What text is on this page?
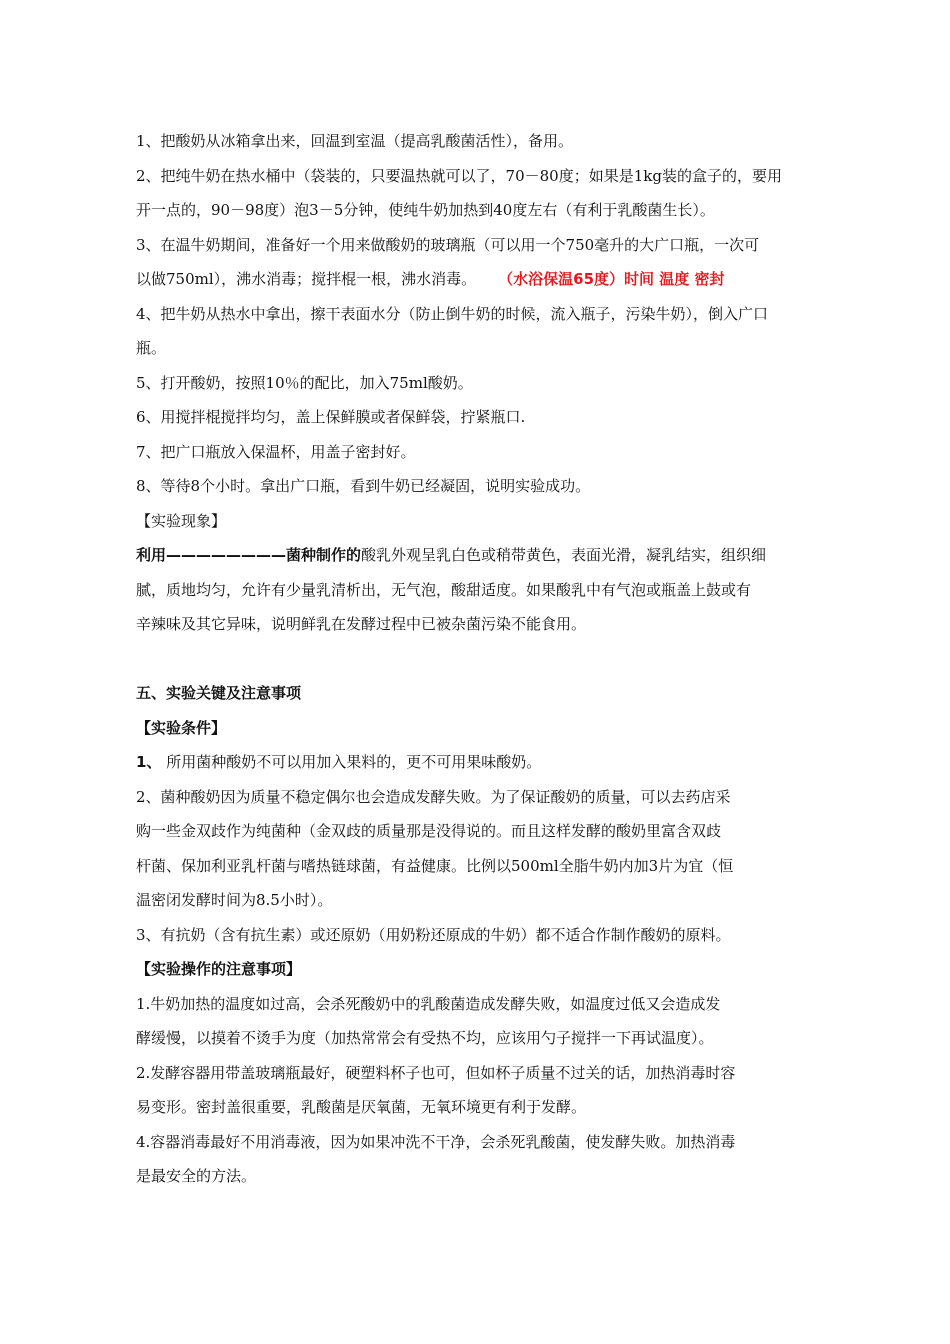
1、把酸奶从冰箱拿出来，回温到室温（提高乳酸菌活性），备用。
2、把纯牛奶在热水桶中（袋装的，只要温热就可以了，70－80度；如果是1kg装的盒子的，要用
开一点的，90－98度）泡3－5分钟，使纯牛奶加热到40度左右（有利于乳酸菌生长）。
3、在温牛奶期间，准备好一个用来做酸奶的玻璃瓶（可以用一个750毫升的大广口瓶，一次可
以做750ml），沸水消毒；搅拌棍一根，沸水消毒。 （水浴保温65度）时间 温度 密封
4、把牛奶从热水中拿出，擦干表面水分（防止倒牛奶的时候，流入瓶子，污染牛奶），倒入广口
瓶。
5、打开酸奶，按照10％的配比，加入75ml酸奶。
6、用搅拌棍搅拌均匀，盖上保鲜膜或者保鲜袋，拧紧瓶口.
7、把广口瓶放入保温杯，用盖子密封好。
8、等待8个小时。拿出广口瓶，看到牛奶已经凝固，说明实验成功。
【实验现象】
利用————————菌种制作的酸乳外观呈乳白色或稍带黄色，表面光滑，凝乳结实，组织细
腻，质地均匀，允许有少量乳清析出，无气泡，酸甜适度。如果酸乳中有气泡或瓶盖上鼓或有
辛辣味及其它异味，说明鲜乳在发酵过程中已被杂菌污染不能食用。
五、实验关键及注意事项
【实验条件】
1、 所用菌种酸奶不可以用加入果料的，更不可用果味酸奶。
2、菌种酸奶因为质量不稳定偶尔也会造成发酵失败。为了保证酸奶的质量，可以去药店采
购一些金双歧作为纯菌种（金双歧的质量那是没得说的。而且这样发酵的酸奶里富含双歧
杆菌、保加利亚乳杆菌与嗜热链球菌，有益健康。比例以500ml全脂牛奶内加3片为宜（恒
温密闭发酵时间为8.5小时）。
3、有抗奶（含有抗生素）或还原奶（用奶粉还原成的牛奶）都不适合作制作酸奶的原料。
【实验操作的注意事项】
1.牛奶加热的温度如过高，会杀死酸奶中的乳酸菌造成发酵失败，如温度过低又会造成发
酵缓慢，以摸着不烫手为度（加热常常会有受热不均，应该用勺子搅拌一下再试温度）。
2.发酵容器用带盖玻璃瓶最好，硬塑料杯子也可，但如杯子质量不过关的话，加热消毒时容
易变形。密封盖很重要，乳酸菌是厌氧菌，无氧环境更有利于发酵。
4.容器消毒最好不用消毒液，因为如果冲洗不干净，会杀死乳酸菌，使发酵失败。加热消毒
是最安全的方法。
